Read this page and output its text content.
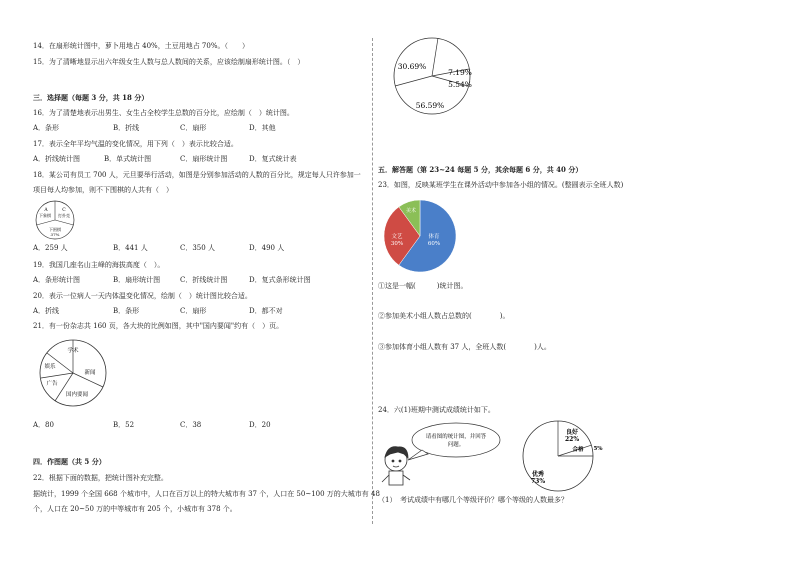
14．在扇形统计图中，萝卜用地占 40%，土豆用地占 70%。（　　）
15．为了清晰地显示出六年级女生人数与总人数间的关系，应该绘制扇形统计图。（　）
三．选择题（每题 3 分，共 18 分）
16．为了清楚地表示出男生、女生占全校学生总数的百分比，应绘制（　）统计图。
A．条形	B．折线	C．扇形	D．其他
17．表示全年平均气温的变化情况，用下列（　）表示比较合适。
A．折线统计图	B．单式统计图	C．扇形统计图	D．复式统计表
18．某公司有员工 700 人，元旦要举行活动，如图是分别参加活动的人数的百分比，规定每人只许参加一
项目每人均参加，则不下围棋的人共有（　）
A
下象棋
C
打扑克
下围棋
37%
A．259 人	B．441 人	C．350 人	D．490 人
19．我国几座名山主峰的海拔高度（　）。
A．条形统计图	B．扇形统计图	C．折线统计图	D．复式条形统计图
20．表示一位病人一天内体温变化情况，绘制（　）统计图比较合适。
A．折线	B．条形	C．扇形	D．都不对
21．有一份杂志共 160 页，各大块的比例如图，其中"国内要闻"约有（　）页。
学术
娱乐
广告
新闻
国内要闻
A．80	B．52	C．38	D．20
四．作图题（共 5 分）
22．根据下面的数据，把统计图补充完整。
据统计，1999 个全国 668 个城市中，人口在百万以上的特大城市有 37 个，人口在 50~100 万的大城市有 48
个，人口在 20~50 万的中等城市有 205 个，小城市有 378 个。
30.69%
7.19%
5.54%
56.59%
五．解答题（第 23~24 每题 5 分，其余每题 6 分，共 40 分）
23．如图，反映某班学生在课外活动中参加各小组的情况。(整圆表示全班人数)
体育
60%
文艺
30%
美术
①这是一幅(　　　)统计图。
②参加美术小组人数占总数的(　　　　)。
③参加体育小组人数有 37 人，全班人数(　　　　)人。
24．六(1)班期中测试成绩统计如下。
请看图的统计图，并回答
问题。
良好
22%
合格 5%
优秀
73%
（1）　考试成绩中有哪几个等级评价？哪个等级的人数最多？
